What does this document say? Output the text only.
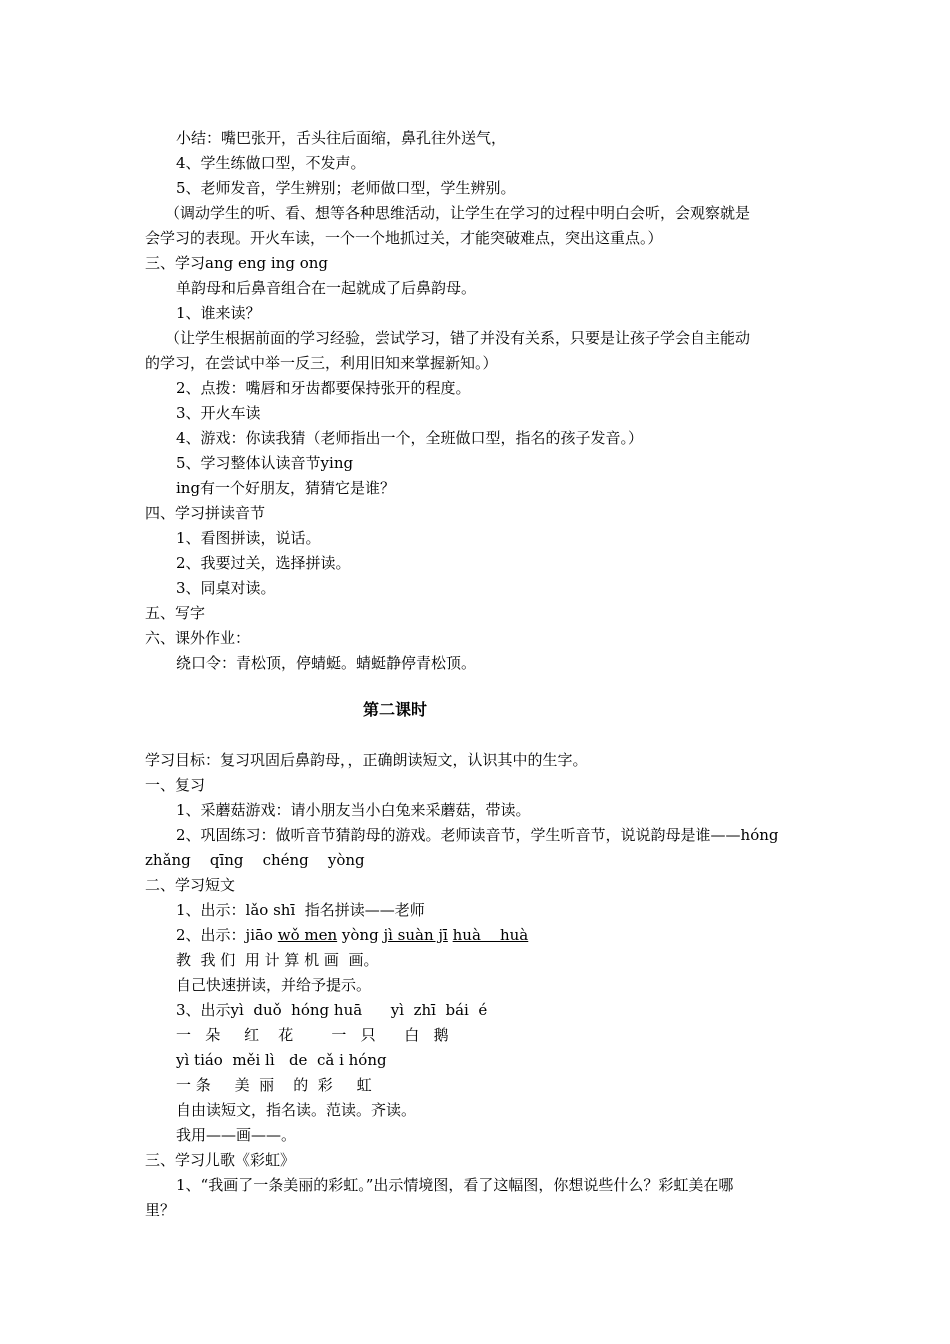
小结：嘴巴张开，舌头往后面缩，鼻孔往外送气，
4、学生练做口型，不发声。
5、老师发音，学生辨别；老师做口型，学生辨别。
（调动学生的听、看、想等各种思维活动，让学生在学习的过程中明白会听，会观察就是
会学习的表现。开火车读，一个一个地抓过关，才能突破难点，突出这重点。）
三、学习ang eng ing ong
单韵母和后鼻音组合在一起就成了后鼻韵母。
1、谁来读？
（让学生根据前面的学习经验，尝试学习，错了并没有关系，只要是让孩子学会自主能动
的学习，在尝试中举一反三，利用旧知来掌握新知。）
2、点拨：嘴唇和牙齿都要保持张开的程度。
3、开火车读
4、游戏：你读我猜（老师指出一个，全班做口型，指名的孩子发音。）
5、学习整体认读音节ying
ing有一个好朋友，猜猜它是谁？
四、学习拼读音节
1、看图拼读，说话。
2、我要过关，选择拼读。
3、同桌对读。
五、写字
六、课外作业：
绕口令：青松顶，停蜻蜓。蜻蜓静停青松顶。
第二课时
学习目标：复习巩固后鼻韵母，，正确朗读短文，认识其中的生字。
一、复习
1、采蘑菇游戏：请小朋友当小白兔来采蘑菇，带读。
2、巩固练习：做听音节猜韵母的游戏。老师读音节，学生听音节，说说韵母是谁——hóng
zhǎng    qīng    chéng    yòng
二、学习短文
1、出示：lǎo shī  指名拼读——老师
2、出示：jiāo wǒ men yòng jì suàn jī huà    huà
教  我 们  用 计 算 机 画  画。
自己快速拼读，并给予提示。
3、出示yì  duǒ  hóng huā      yì  zhī  bái  é
一   朵     红    花        一   只      白   鹅
yì tiáo  měi lì   de  cǎ i hóng
一 条     美  丽    的  彩     虹
自由读短文，指名读。范读。齐读。
我用——画——。
三、学习儿歌《彩虹》
1、“我画了一条美丽的彩虹。”出示情境图，看了这幅图，你想说些什么？彩虹美在哪
里？
